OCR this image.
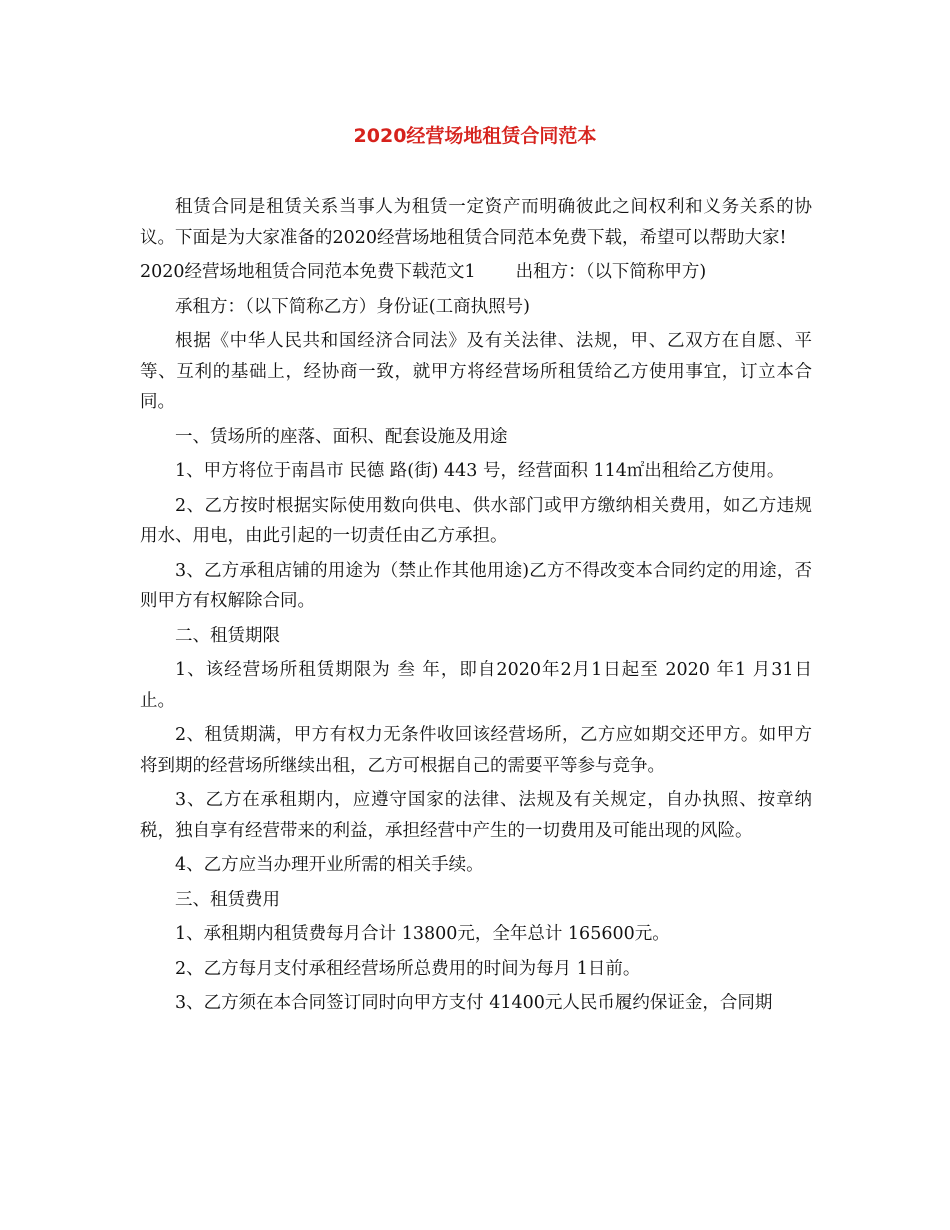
2020经营场地租赁合同范本

租赁合同是租赁关系当事人为租赁一定资产而明确彼此之间权利和义务关系的协议。下面是为大家准备的2020经营场地租赁合同范本免费下载，希望可以帮助大家!

2020经营场地租赁合同范本免费下载范文1 出租方：（以下简称甲方)

承租方：（以下简称乙方）身份证(工商执照号)

根据《中华人民共和国经济合同法》及有关法律、法规，甲、乙双方在自愿、平等、互利的基础上，经协商一致，就甲方将经营场所租赁给乙方使用事宜，订立本合同。

一、赁场所的座落、面积、配套设施及用途

1、甲方将位于南昌市 民德 路(街) 443 号，经营面积 114㎡出租给乙方使用。

2、乙方按时根据实际使用数向供电、供水部门或甲方缴纳相关费用，如乙方违规用水、用电，由此引起的一切责任由乙方承担。

3、乙方承租店铺的用途为（禁止作其他用途)乙方不得改变本合同约定的用途，否则甲方有权解除合同。

二、租赁期限

1、该经营场所租赁期限为 叁 年，即自2020年2月1日起至 2020 年1 月31日止。

2、租赁期满，甲方有权力无条件收回该经营场所，乙方应如期交还甲方。如甲方将到期的经营场所继续出租，乙方可根据自己的需要平等参与竞争。

3、乙方在承租期内，应遵守国家的法律、法规及有关规定，自办执照、按章纳税，独自享有经营带来的利益，承担经营中产生的一切费用及可能出现的风险。

4、乙方应当办理开业所需的相关手续。

三、租赁费用

1、承租期内租赁费每月合计 13800元，全年总计 165600元。

2、乙方每月支付承租经营场所总费用的时间为每月 1日前。

3、乙方须在本合同签订同时向甲方支付 41400元人民币履约保证金，合同期
